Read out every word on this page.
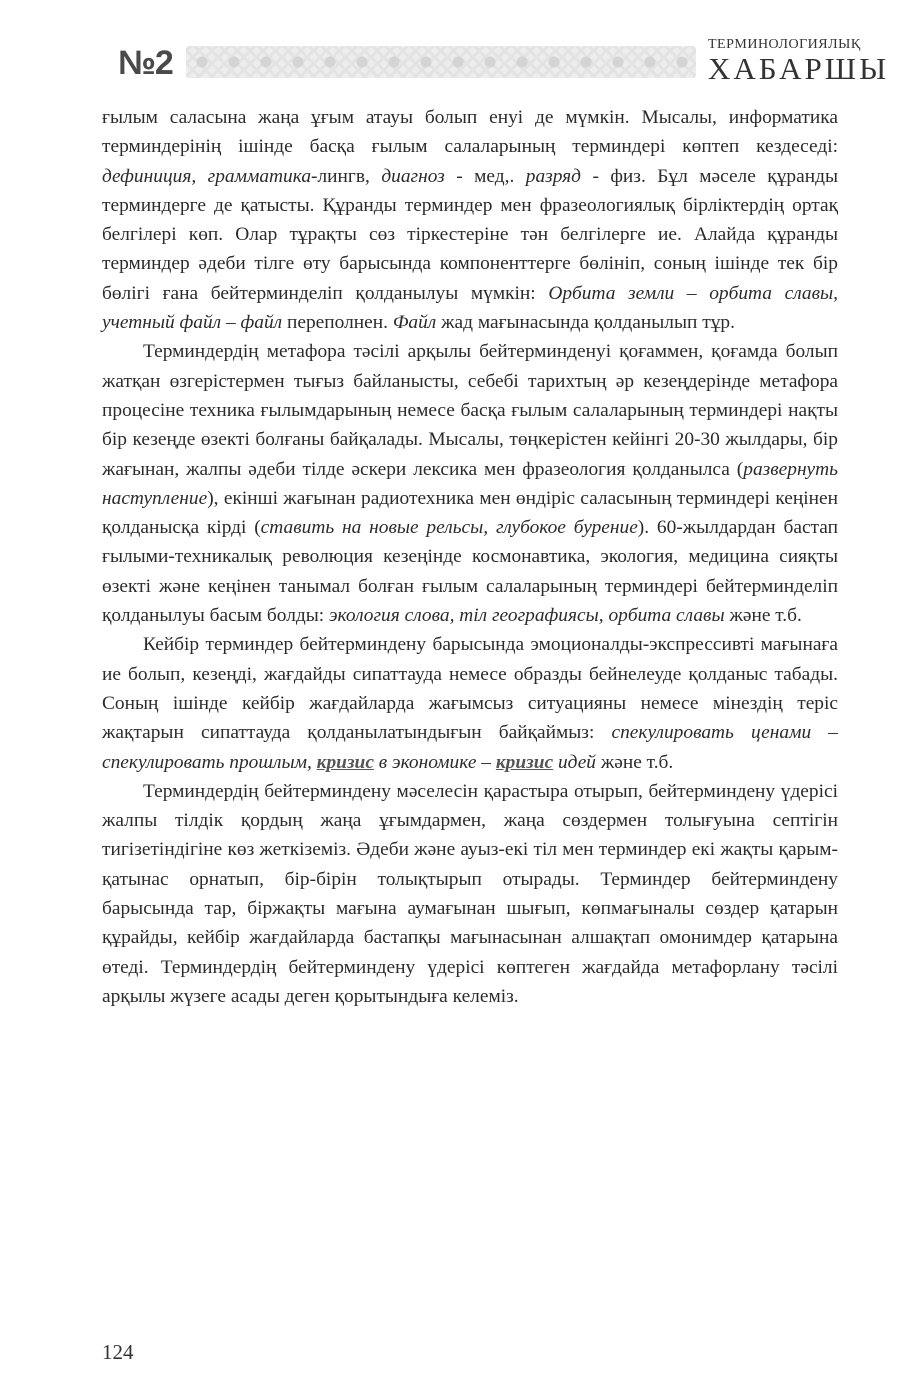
№2	ТЕРМИНОЛОГИЯЛЫҚ
ХАБАРШЫ

ғылым саласына жаңа ұғым атауы болып енуі де мүмкін. Мысалы, информатика терминдерінің ішінде басқа ғылым салаларының терминдері көптеп кездеседі: дефиниция, грамматика-лингв, диагноз - мед,. разряд - физ. Бұл мәселе құранды терминдерге де қатысты. Құранды терминдер мен фразеологиялық бірліктердің ортақ белгілері көп. Олар тұрақты сөз тіркестеріне тән белгілерге ие. Алайда құранды терминдер әдеби тілге өту барысында компоненттерге бөлініп, соның ішінде тек бір бөлігі ғана бейтерминделіп қолданылуы мүмкін: Орбита земли – орбита славы, учетный файл – файл переполнен. Файл жад мағынасында қолданылып тұр.

Терминдердің метафора тәсілі арқылы бейтерминденуі қоғаммен, қоғамда болып жатқан өзгерістермен тығыз байланысты, себебі тарихтың әр кезеңдерінде метафора процесіне техника ғылымдарының немесе басқа ғылым салаларының терминдері нақты бір кезеңде өзекті болғаны байқалады. Мысалы, төңкерістен кейінгі 20-30 жылдары, бір жағынан, жалпы әдеби тілде әскери лексика мен фразеология қолданылса (развернуть наступление), екінші жағынан радиотехника мен өндіріс саласының терминдері кеңінен қолданысқа кірді (ставить на новые рельсы, глубокое бурение). 60-жылдардан бастап ғылыми-техникалық революция кезеңінде космонавтика, экология, медицина сияқты өзекті және кеңінен танымал болған ғылым салаларының терминдері бейтерминделіп қолданылуы басым болды: экология слова, тіл географиясы, орбита славы және т.б.

Кейбір терминдер бейтерминдену барысында эмоционалды-экспрессивті мағынаға ие болып, кезеңді, жағдайды сипаттауда немесе образды бейнелеуде қолданыс табады. Соның ішінде кейбір жағдайларда жағымсыз ситуацияны немесе мінездің теріс жақтарын сипаттауда қолданылатындығын байқаймыз: спекулировать ценами – спекулировать прошлым, кризис в экономике – кризис идей және т.б.

Терминдердің бейтерминдену мәселесін қарастыра отырып, бейтерминдену үдерісі жалпы тілдік қордың жаңа ұғымдармен, жаңа сөздермен толығуына септігін тигізетіндігіне көз жеткіземіз. Әдеби және ауыз-екі тіл мен терминдер екі жақты қарым-қатынас орнатып, бір-бірін толықтырып отырады. Терминдер бейтерминдену барысында тар, біржақты мағына аумағынан шығып, көпмағыналы сөздер қатарын құрайды, кейбір жағдайларда бастапқы мағынасынан алшақтап омонимдер қатарына өтеді. Терминдердің бейтерминдену үдерісі көптеген жағдайда метафорлану тәсілі арқылы жүзеге асады деген қорытындыға келеміз.

124
